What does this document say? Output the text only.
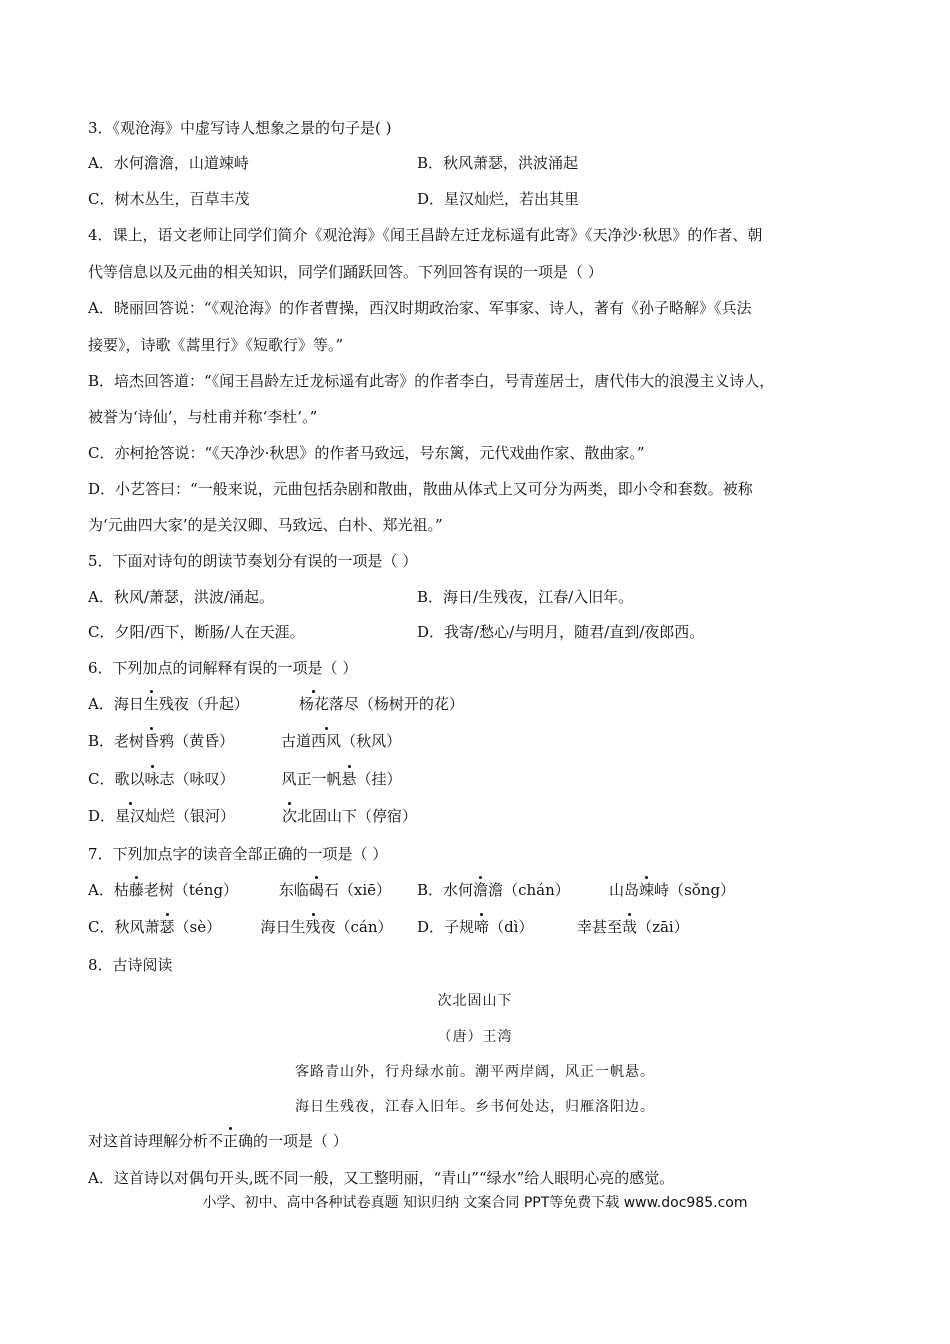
3．《观沧海》中虚写诗人想象之景的句子是( )
A．水何澹澹，山道竦峙	B．秋风萧瑟，洪波涌起
C．树木丛生，百草丰茂	D．星汉灿烂，若出其里
4．课上，语文老师让同学们简介《观沧海》《闻王昌龄左迁龙标遥有此寄》《天净沙·秋思》的作者、朝
代等信息以及元曲的相关知识，同学们踊跃回答。下列回答有误的一项是（ ）
A．晓丽回答说：“《观沧海》的作者曹操，西汉时期政治家、军事家、诗人，著有《孙子略解》《兵法
接要》，诗歌《蒿里行》《短歌行》等。”
B．培杰回答道：“《闻王昌龄左迁龙标遥有此寄》的作者李白，号青莲居士，唐代伟大的浪漫主义诗人，
被誉为‘诗仙’，与杜甫并称‘李杜’。”
C．亦柯抢答说：“《天净沙·秋思》的作者马致远，号东篱，元代戏曲作家、散曲家。”
D．小艺答曰：“一般来说，元曲包括杂剧和散曲，散曲从体式上又可分为两类，即小令和套数。被称
为‘元曲四大家’的是关汉卿、马致远、白朴、郑光祖。”
5．下面对诗句的朗读节奏划分有误的一项是（ ）
A．秋风/萧瑟，洪波/涌起。	B．海日/生残夜，江春/入旧年。
C．夕阳/西下，断肠/人在天涯。	D．我寄/愁心/与明月，随君/直到/夜郎西。
6．下列加点的词解释有误的一项是（ ）
A．海日生残夜（升起）	杨花落尽（杨树开的花）
B．老树昏鸦（黄昏）	古道西风（秋风）
C．歌以咏志（咏叹）	风正一帆悬（挂）
D．星汉灿烂（银河）	次北固山下（停宿）
7．下列加点字的读音全部正确的一项是（ ）
A．枯藤老树（téng）	东临碣石（xiē） B．水何澹澹（chán）	山岛竦峙（sǒng）
C．秋风萧瑟（sè）	海日生残夜（cán） D．子规啼（dì）	幸甚至哉（zāi）
8．古诗阅读
次北固山下
（唐）王湾
客路青山外，行舟绿水前。潮平两岸阔，风正一帆悬。
海日生残夜，江春入旧年。乡书何处达，归雁洛阳边。
对这首诗理解分析不正确的一项是（ ）
A．这首诗以对偶句开头,既不同一般，又工整明丽，“青山”“绿水”给人眼明心亮的感觉。
小学、初中、高中各种试卷真题 知识归纳 文案合同 PPT等免费下载 www.doc985.com
